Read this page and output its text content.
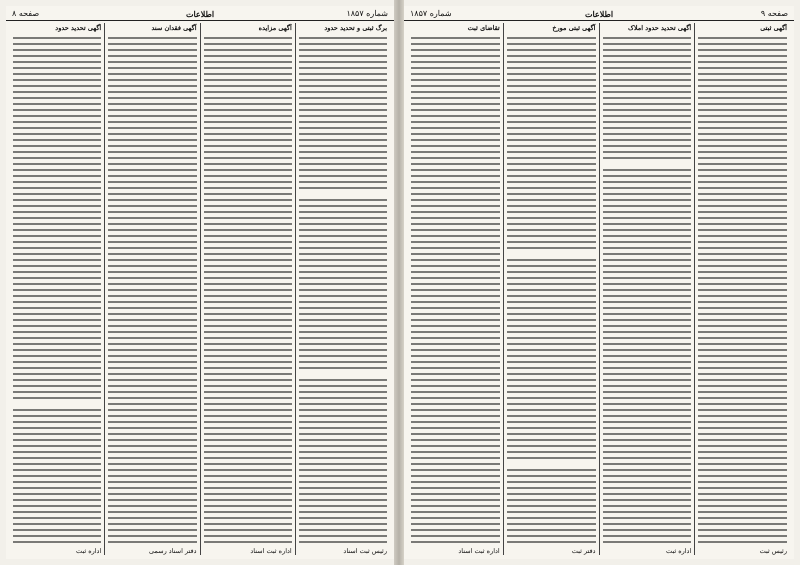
شماره ۱۸۵۷
اطلاعات
صفحه ۸
برگ ثبتی و تحدید حدود
رئیس ثبت اسناد
آگهی مزایده
اداره ثبت اسناد
آگهی فقدان سند
دفتر اسناد رسمی
آگهی تحدید حدود
اداره ثبت
صفحه ۹
اطلاعات
شماره ۱۸۵۷
آگهی ثبتی
رئیس ثبت
آگهی تحدید حدود املاک
اداره ثبت
آگهی ثبتی مورخ
دفتر ثبت
تقاضای ثبت
اداره ثبت اسناد
